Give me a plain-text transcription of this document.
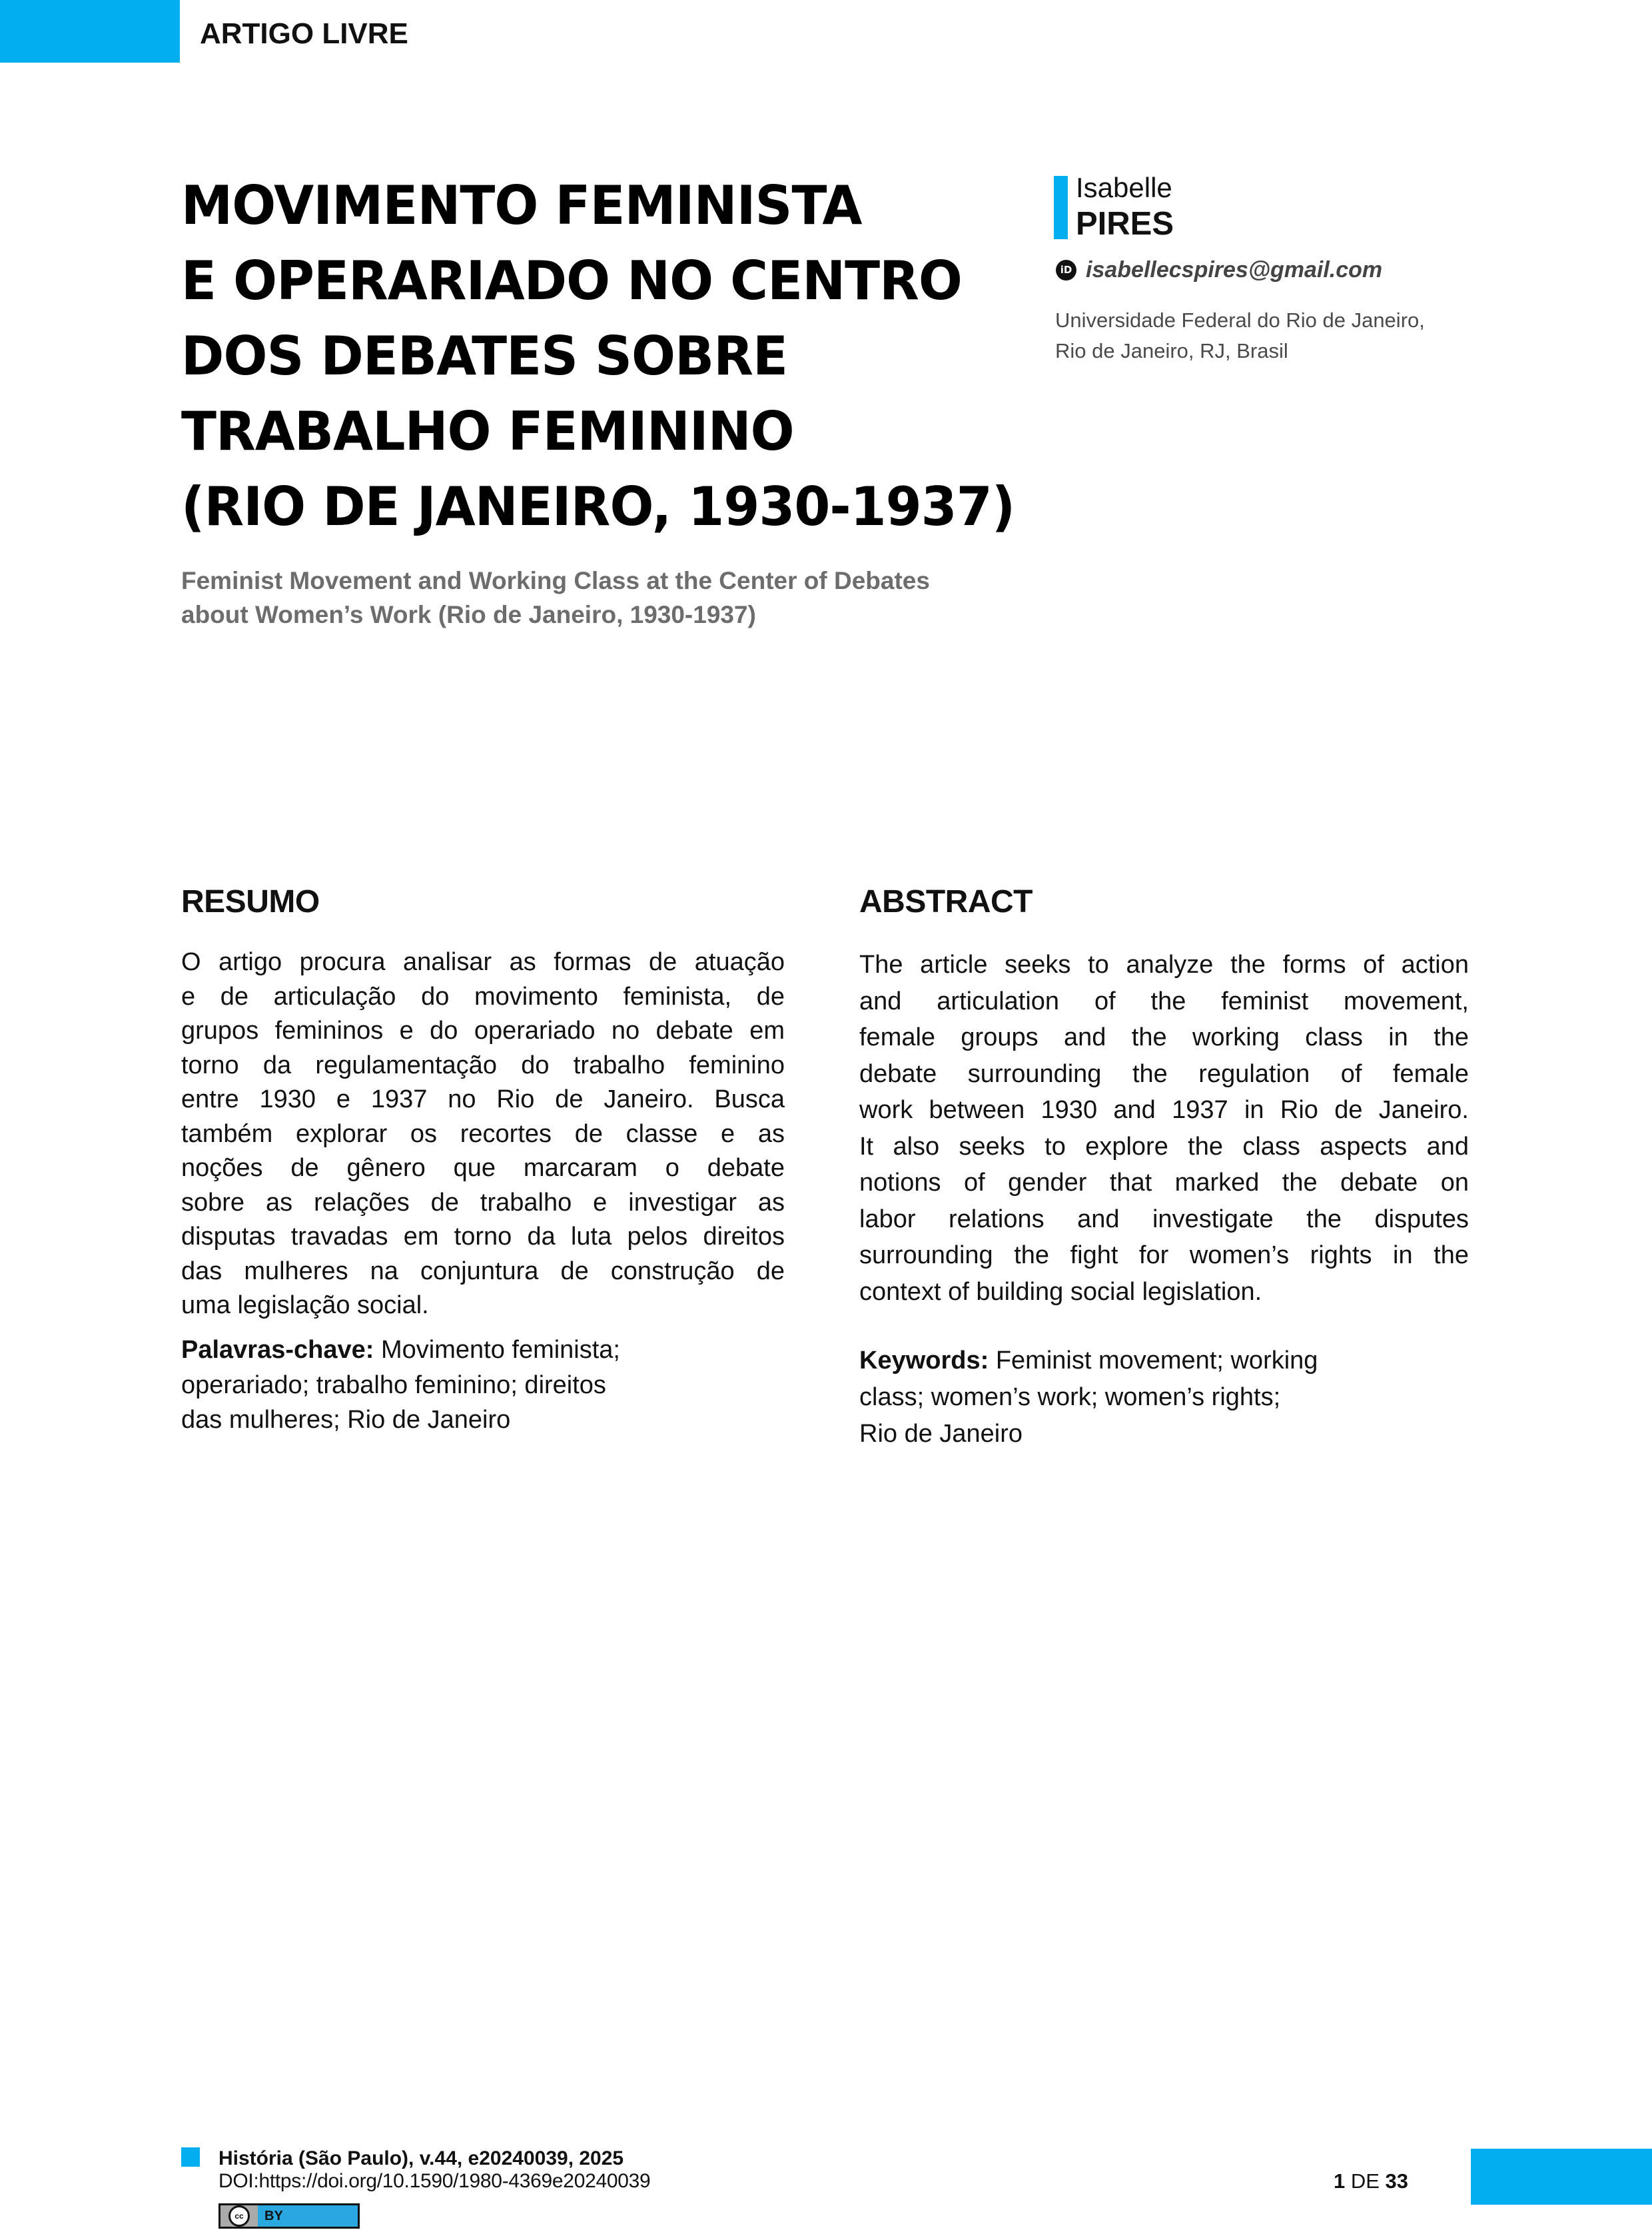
ARTIGO LIVRE
MOVIMENTO FEMINISTA
E OPERARIADO NO CENTRO
DOS DEBATES SOBRE
TRABALHO FEMININO
(RIO DE JANEIRO, 1930-1937)
Feminist Movement and Working Class at the Center of Debates
about Women’s Work (Rio de Janeiro, 1930-1937)
Isabelle
PIRES
iD isabellecspires@gmail.com
Universidade Federal do Rio de Janeiro,
Rio de Janeiro, RJ, Brasil
RESUMO
O artigo procura analisar as formas de atuação
e de articulação do movimento feminista, de
grupos femininos e do operariado no debate em
torno da regulamentação do trabalho feminino
entre 1930 e 1937 no Rio de Janeiro. Busca
também explorar os recortes de classe e as
noções de gênero que marcaram o debate
sobre as relações de trabalho e investigar as
disputas travadas em torno da luta pelos direitos
das mulheres na conjuntura de construção de
uma legislação social.
Palavras-chave: Movimento feminista;
operariado; trabalho feminino; direitos
das mulheres; Rio de Janeiro
ABSTRACT
The article seeks to analyze the forms of action
and articulation of the feminist movement,
female groups and the working class in the
debate surrounding the regulation of female
work between 1930 and 1937 in Rio de Janeiro.
It also seeks to explore the class aspects and
notions of gender that marked the debate on
labor relations and investigate the disputes
surrounding the fight for women’s rights in the
context of building social legislation.
Keywords: Feminist movement; working
class; women’s work; women’s rights;
Rio de Janeiro
História (São Paulo), v.44, e20240039, 2025
DOI:https://doi.org/10.1590/1980-4369e20240039
cc	BY
1 DE 33
